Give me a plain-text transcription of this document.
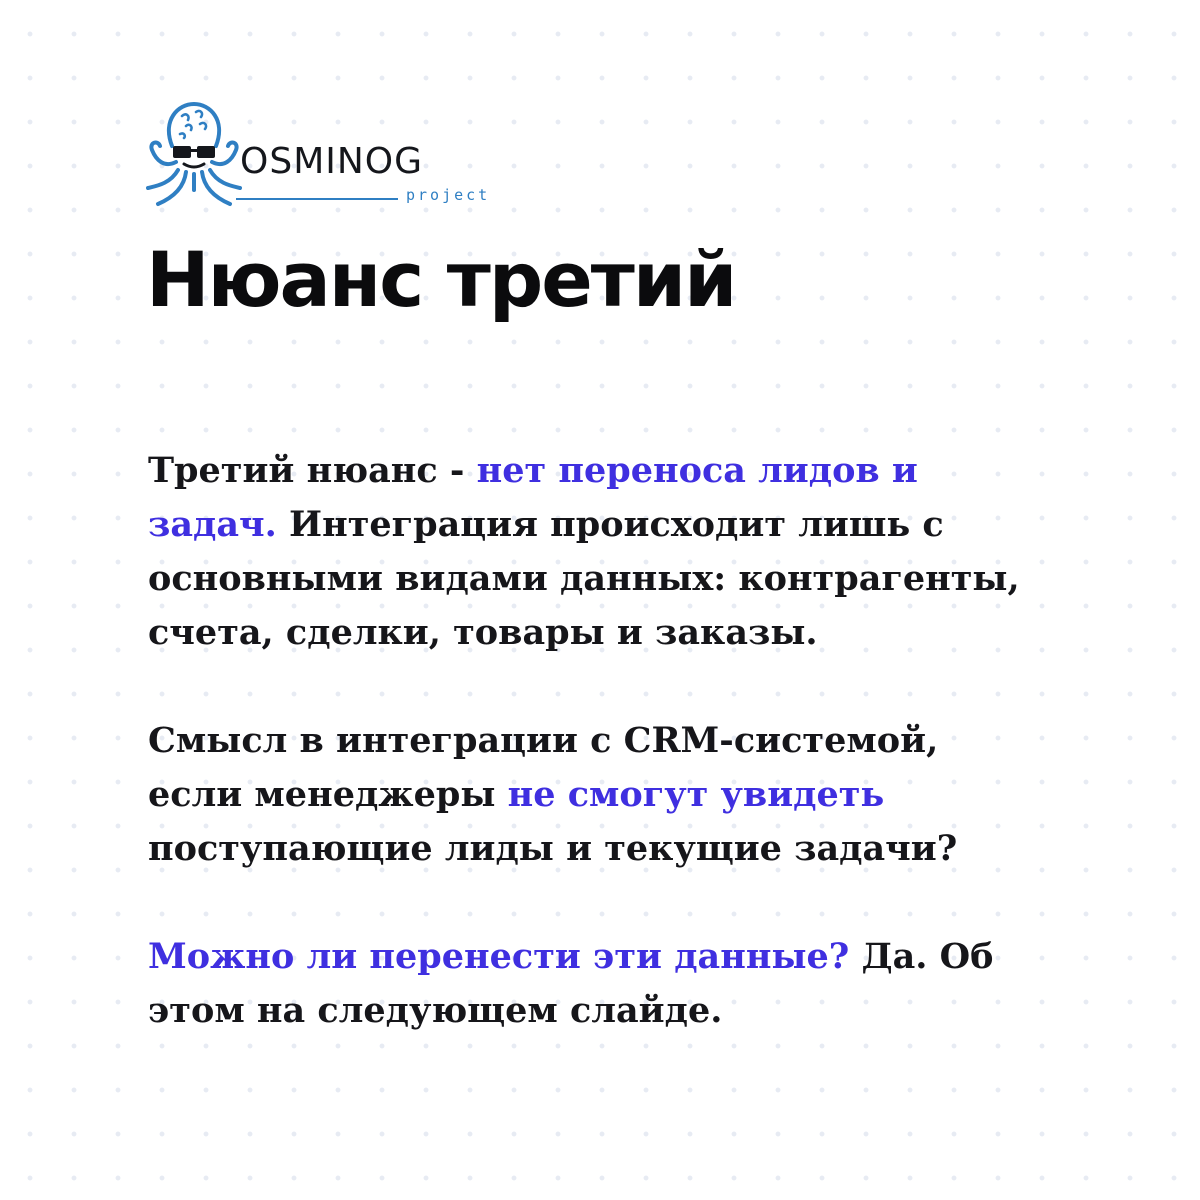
OSMINOG
project
Нюанс третий

Третий нюанс - нет переноса лидов и задач. Интеграция происходит лишь с основными видами данных: контрагенты, счета, сделки, товары и заказы.

Смысл в интеграции с CRM-системой, если менеджеры не смогут увидеть поступающие лиды и текущие задачи?

Можно ли перенести эти данные? Да. Об этом на следующем слайде.
